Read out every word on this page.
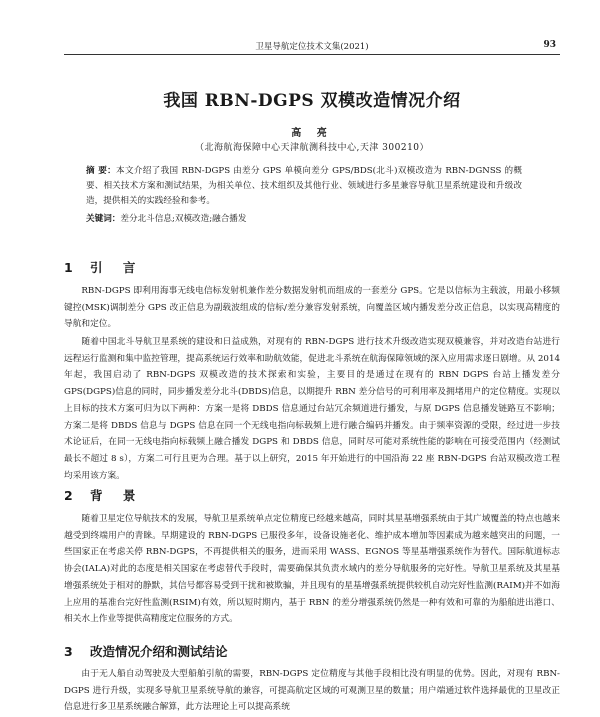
卫星导航定位技术文集(2021)	93
我国 RBN-DGPS 双模改造情况介绍
高 亮
（北海航海保障中心天津航测科技中心,天津 300210）
摘 要：本文介绍了我国 RBN-DGPS 由差分 GPS 单模向差分 GPS/BDS(北斗)双模改造为 RBN-DGNSS 的概要、相关技术方案和测试结果，为相关单位、技术组织及其他行业、领域进行多星兼容导航卫星系统建设和升级改造，提供相关的实践经验和参考。
关键词：差分北斗信息;双模改造;融合播发
1 引 言
RBN-DGPS 即利用海事无线电信标发射机兼作差分数据发射机而组成的一套差分 GPS。它是以信标为主载波，用最小移频键控(MSK)调制差分 GPS 改正信息为副载波组成的信标/差分兼容发射系统，向覆盖区域内播发差分改正信息，以实现高精度的导航和定位。
随着中国北斗导航卫星系统的建设和日益成熟，对现有的 RBN-DGPS 进行技术升级改造实现双模兼容，并对改造台站进行远程运行监测和集中监控管理，提高系统运行效率和助航效能，促进北斗系统在航海保障领域的深入应用需求逐日剧增。从 2014 年起，我国启动了 RBN-DGPS 双模改造的技术探索和实验，主要目的是通过在现有的 RBN DGPS 台站上播发差分 GPS(DGPS)信息的同时，同步播发差分北斗(DBDS)信息，以期提升 RBN 差分信号的可利用率及拥堵用户的定位精度。实现以上目标的技术方案可归为以下两种：方案一是将 DBDS 信息通过台站冗余频道进行播发，与原 DGPS 信息播发链路互不影响；方案二是将 DBDS 信息与 DGPS 信息在同一个无线电指向标载频上进行融合编码并播发。由于频率资源的受限，经过进一步技术论证后，在同一无线电指向标载频上融合播发 DGPS 和 DBDS 信息，同时尽可能对系统性能的影响在可接受范围内（经测试最长不超过 8 s），方案二可行且更为合理。基于以上研究，2015 年开始进行的中国沿海 22 座 RBN-DGPS 台站双模改造工程均采用该方案。
2 背 景
随着卫星定位导航技术的发展，导航卫星系统单点定位精度已经越来越高，同时其星基增强系统由于其广域覆盖的特点也越来越受到终端用户的青睐。早期建设的 RBN-DGPS 已服役多年，设备设施老化、维护成本增加等因素成为越来越突出的问题，一些国家正在考虑关停 RBN-DGPS，不再提供相关的服务，进而采用 WASS、EGNOS 等星基增强系统作为替代。国际航道标志协会(IALA)对此的态度是相关国家在考虑替代手段时，需要确保其负责水域内的差分导航服务的完好性。导航卫星系统及其星基增强系统处于相对的静默，其信号都容易受到干扰和被欺骗，并且现有的星基增强系统提供较机自动完好性监测(RAIM)并不如海上应用的基准台完好性监测(RSIM)有效，所以短时期内，基于 RBN 的差分增强系统仍然是一种有效和可靠的为船舶进出港口、相关水上作业等提供高精度定位服务的方式。
3 改造情况介绍和测试结论
由于无人船自动驾驶及大型船舶引航的需要，RBN-DGPS 定位精度与其他手段相比没有明显的优势。因此，对现有 RBN-DGPS 进行升级，实现多导航卫星系统导航的兼容，可提高航定区域的可观测卫星的数量；用户端通过软件选择最优的卫星改正信息进行多卫星系统融合解算，此方法理论上可以提高系统
